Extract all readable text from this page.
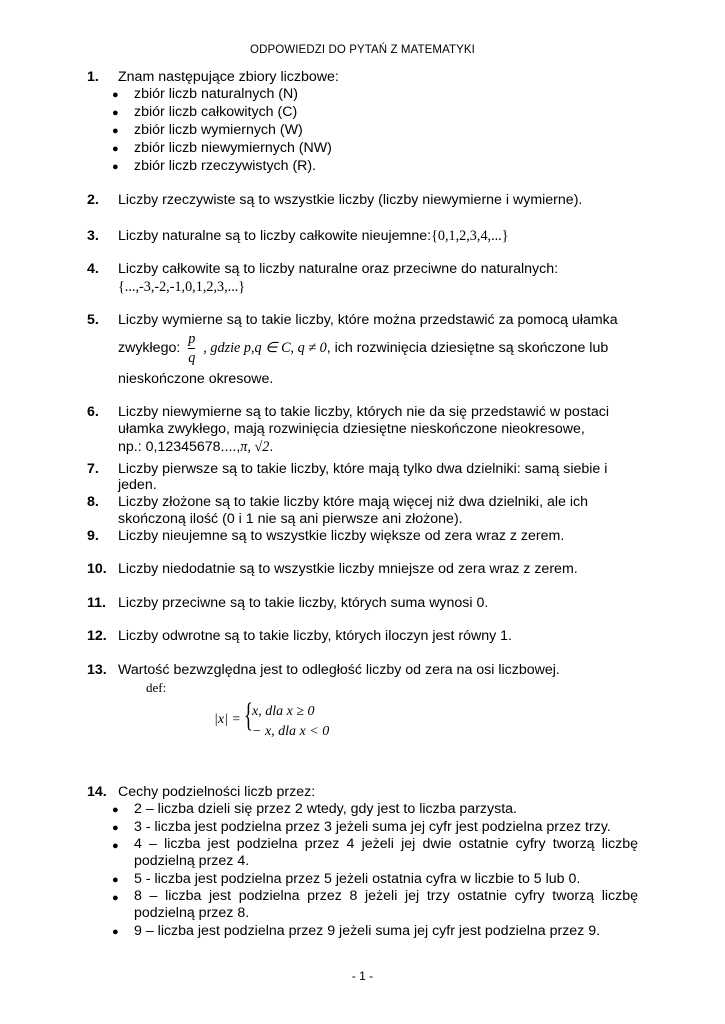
ODPOWIEDZI DO PYTAŃ Z MATEMATYKI
1. Znam następujące zbiory liczbowe:
● zbiór liczb naturalnych (N)
● zbiór liczb całkowitych (C)
● zbiór liczb wymiernych (W)
● zbiór liczb niewymiernych (NW)
● zbiór liczb rzeczywistych (R).
2. Liczby rzeczywiste są to wszystkie liczby (liczby niewymierne i wymierne).
3. Liczby naturalne są to liczby całkowite nieujemne:{0,1,2,3,4,...}
4. Liczby całkowite są to liczby naturalne oraz przeciwne do naturalnych:
{...,-3,-2,-1,0,1,2,3,...}
5. Liczby wymierne są to takie liczby, które można przedstawić za pomocą ułamka
zwykłego: $\frac{p}{q}$ , gdzie p,q ∈ C, q ≠ 0, ich rozwinięcia dziesiętne są skończone lub
nieskończone okresowe.
6. Liczby niewymierne są to takie liczby, których nie da się przedstawić w postaci
ułamka zwykłego, mają rozwinięcia dziesiętne nieskończone nieokresowe,
np.: 0,12345678....,π, √2.
7. Liczby pierwsze są to takie liczby, które mają tylko dwa dzielniki: samą siebie i
jeden.
8. Liczby złożone są to takie liczby które mają więcej niż dwa dzielniki, ale ich
skończoną ilość (0 i 1 nie są ani pierwsze ani złożone).
9. Liczby nieujemne są to wszystkie liczby większe od zera wraz z zerem.
10. Liczby niedodatnie są to wszystkie liczby mniejsze od zera wraz z zerem.
11. Liczby przeciwne są to takie liczby, których suma wynosi 0.
12. Liczby odwrotne są to takie liczby, których iloczyn jest równy 1.
13. Wartość bezwzględna jest to odległość liczby od zera na osi liczbowej.
def:
|x| = { x, dla x ≥ 0
− x, dla x < 0
14. Cechy podzielności liczb przez:
● 2 – liczba dzieli się przez 2 wtedy, gdy jest to liczba parzysta.
● 3 - liczba jest podzielna przez 3 jeżeli suma jej cyfr jest podzielna przez trzy.
● 4 – liczba jest podzielna przez 4 jeżeli jej dwie ostatnie cyfry tworzą liczbę
podzielną przez 4.
● 5 - liczba jest podzielna przez 5 jeżeli ostatnia cyfra w liczbie to 5 lub 0.
● 8 – liczba jest podzielna przez 8 jeżeli jej trzy ostatnie cyfry tworzą liczbę
podzielną przez 8.
● 9 – liczba jest podzielna przez 9 jeżeli suma jej cyfr jest podzielna przez 9.
- 1 -
